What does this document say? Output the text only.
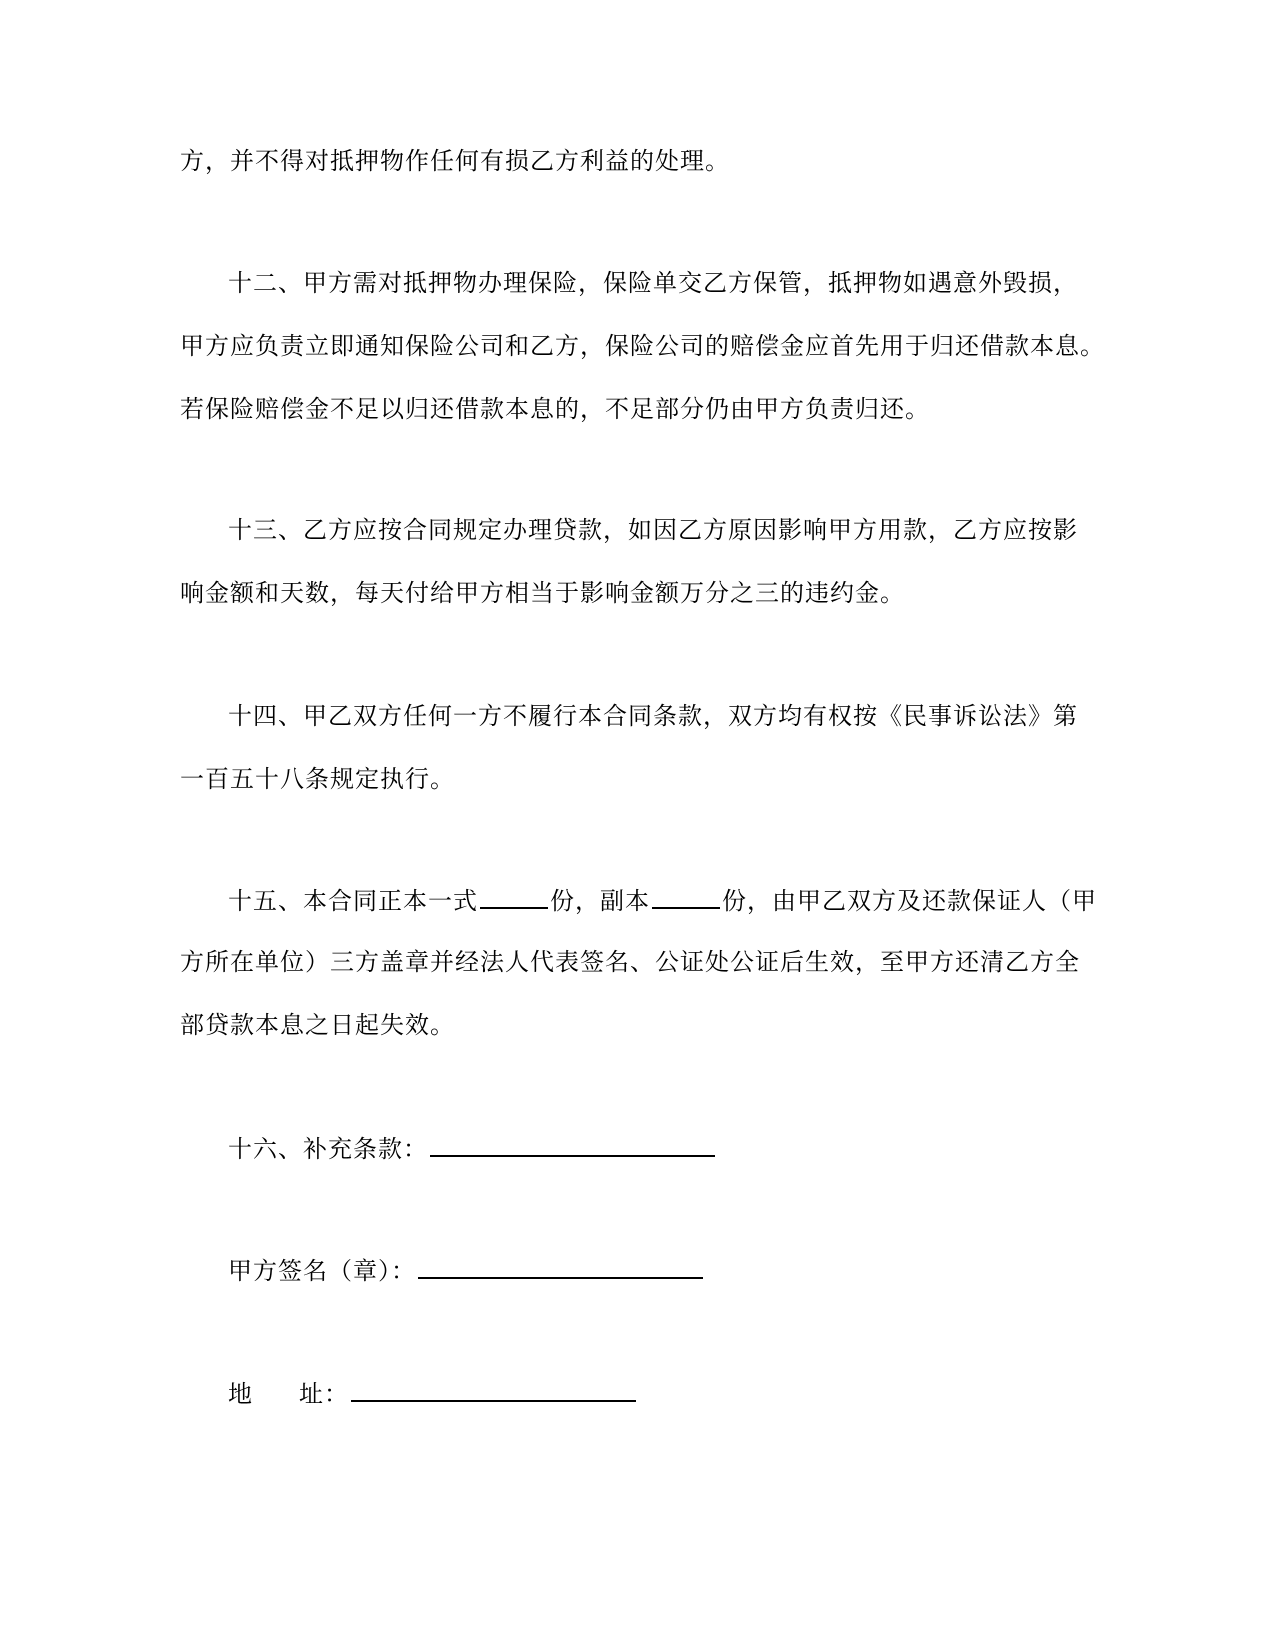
方，并不得对抵押物作任何有损乙方利益的处理。
十二、甲方需对抵押物办理保险，保险单交乙方保管，抵押物如遇意外毁损，
甲方应负责立即通知保险公司和乙方，保险公司的赔偿金应首先用于归还借款本息。
若保险赔偿金不足以归还借款本息的，不足部分仍由甲方负责归还。
十三、乙方应按合同规定办理贷款，如因乙方原因影响甲方用款，乙方应按影
响金额和天数，每天付给甲方相当于影响金额万分之三的违约金。
十四、甲乙双方任何一方不履行本合同条款，双方均有权按《民事诉讼法》第
一百五十八条规定执行。
十五、本合同正本一式	份，副本	份，由甲乙双方及还款保证人（甲
方所在单位）三方盖章并经法人代表签名、公证处公证后生效，至甲方还清乙方全
部贷款本息之日起失效。
十六、补充条款：
甲方签名（章）：
地 址：
